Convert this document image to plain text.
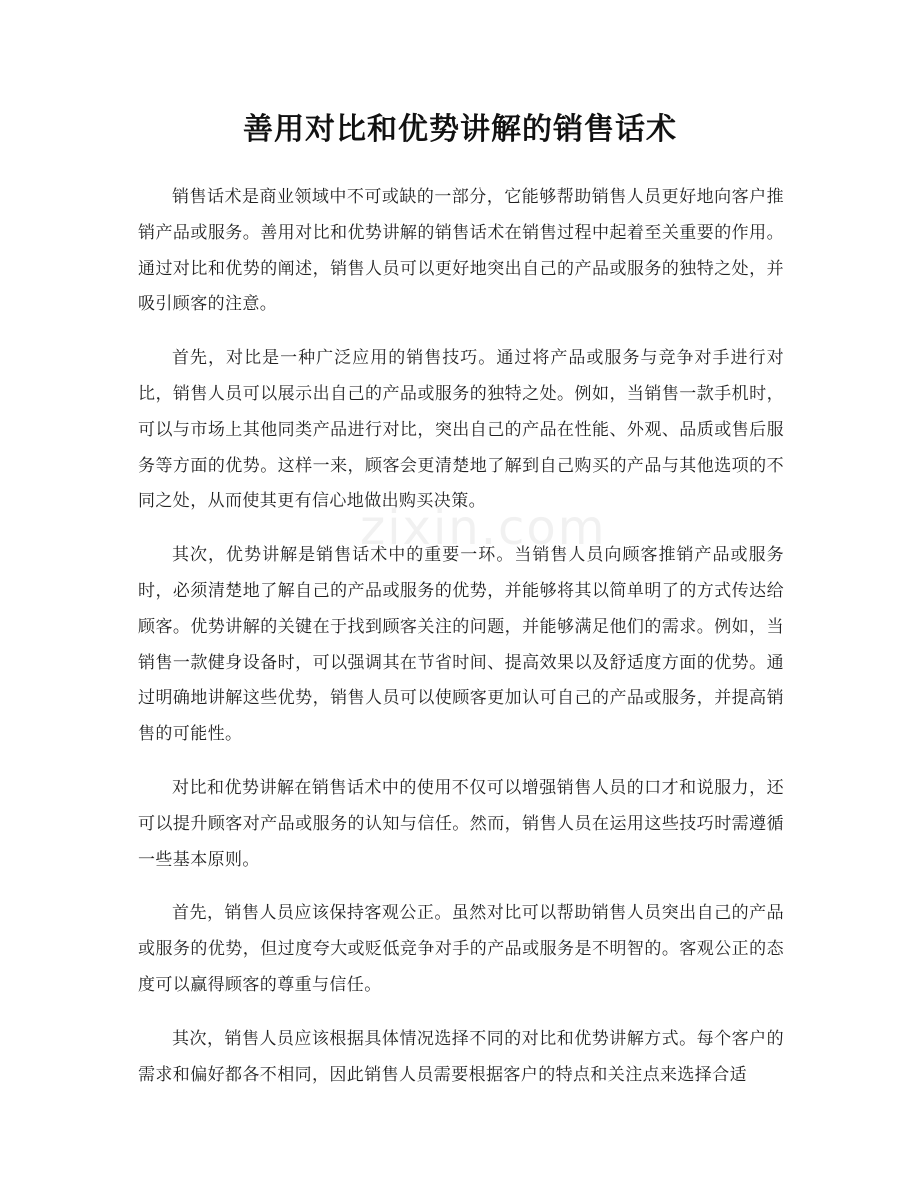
善用对比和优势讲解的销售话术

销售话术是商业领域中不可或缺的一部分，它能够帮助销售人员更好地向客户推销产品或服务。善用对比和优势讲解的销售话术在销售过程中起着至关重要的作用。通过对比和优势的阐述，销售人员可以更好地突出自己的产品或服务的独特之处，并吸引顾客的注意。

首先，对比是一种广泛应用的销售技巧。通过将产品或服务与竞争对手进行对比，销售人员可以展示出自己的产品或服务的独特之处。例如，当销售一款手机时，可以与市场上其他同类产品进行对比，突出自己的产品在性能、外观、品质或售后服务等方面的优势。这样一来，顾客会更清楚地了解到自己购买的产品与其他选项的不同之处，从而使其更有信心地做出购买决策。

其次，优势讲解是销售话术中的重要一环。当销售人员向顾客推销产品或服务时，必须清楚地了解自己的产品或服务的优势，并能够将其以简单明了的方式传达给顾客。优势讲解的关键在于找到顾客关注的问题，并能够满足他们的需求。例如，当销售一款健身设备时，可以强调其在节省时间、提高效果以及舒适度方面的优势。通过明确地讲解这些优势，销售人员可以使顾客更加认可自己的产品或服务，并提高销售的可能性。

对比和优势讲解在销售话术中的使用不仅可以增强销售人员的口才和说服力，还可以提升顾客对产品或服务的认知与信任。然而，销售人员在运用这些技巧时需遵循一些基本原则。

首先，销售人员应该保持客观公正。虽然对比可以帮助销售人员突出自己的产品或服务的优势，但过度夸大或贬低竞争对手的产品或服务是不明智的。客观公正的态度可以赢得顾客的尊重与信任。

其次，销售人员应该根据具体情况选择不同的对比和优势讲解方式。每个客户的需求和偏好都各不相同，因此销售人员需要根据客户的特点和关注点来选择合适

zixin.com
